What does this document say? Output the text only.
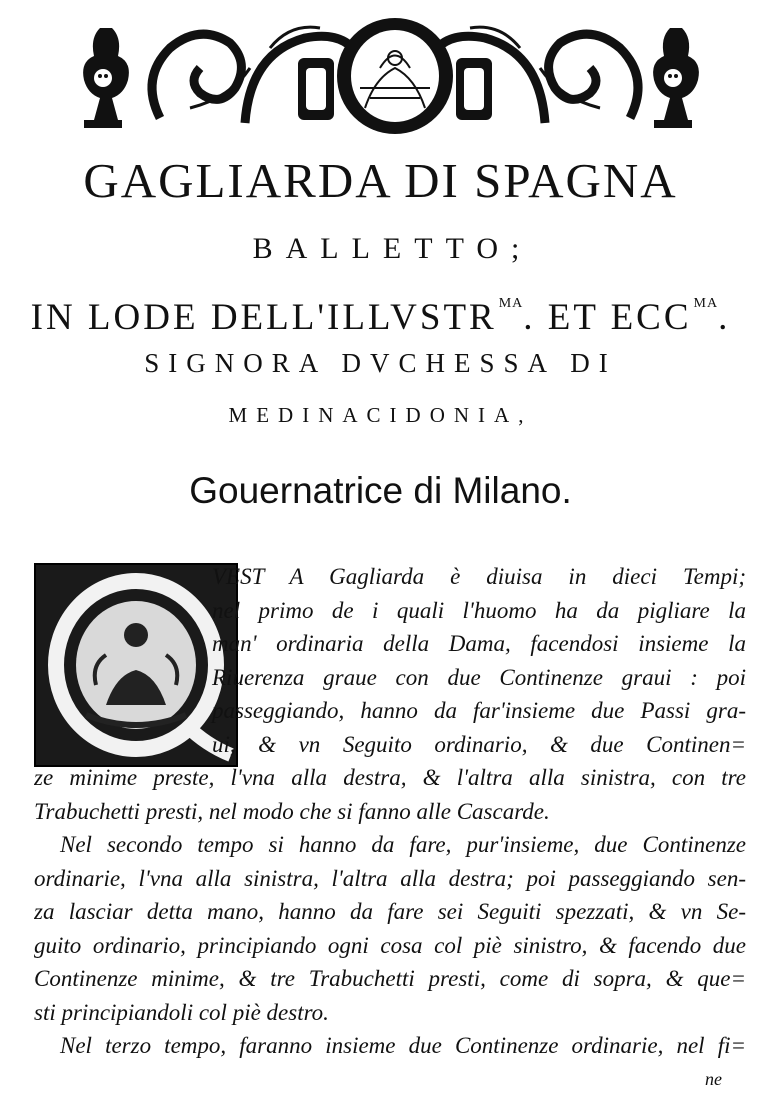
GAGLIARDA DI SPAGNA
BALLETTO;
IN LODE DELL'ILLVSTR $^{MA}$. ET ECC $^{MA}$.
SIGNORA DVCHESSA DI
MEDINACIDONIA,
Gouernatrice di Milano.
Q
VEST A Gagliarda è diuisa in dieci Tempi;
nel primo de i quali l'huomo ha da pigliare la
man' ordinaria della Dama, facendosi insieme la
Riuerenza graue con due Continenze graui : poi
passeggiando, hanno da far'insieme due Passi gra-
ui, & vn Seguito ordinario, & due Continen=
ze minime preste, l'vna alla destra, & l'altra alla sinistra, con tre
Trabuchetti presti, nel modo che si fanno alle Cascarde.
Nel secondo tempo si hanno da fare, pur'insieme, due Continenze
ordinarie, l'vna alla sinistra, l'altra alla destra; poi passeggiando sen-
za lasciar detta mano, hanno da fare sei Seguiti spezzati, & vn Se-
guito ordinario, principiando ogni cosa col piè sinistro, & facendo due
Continenze minime, & tre Trabuchetti presti, come di sopra, & que=
sti principiandoli col piè destro.
Nel terzo tempo, faranno insieme due Continenze ordinarie, nel fi=
ne
